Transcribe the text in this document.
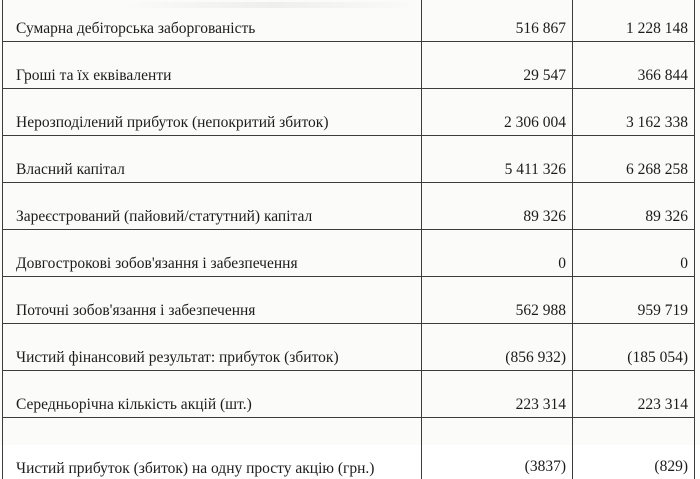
Сумарна дебіторська заборгованість	516 867	1 228 148
Гроші та їх еквіваленти	29 547	366 844
Нерозподілений прибуток (непокритий збиток)	2 306 004	3 162 338
Власний капітал	5 411 326	6 268 258
Зареєстрований (пайовий/статутний) капітал	89 326	89 326
Довгострокові зобов'язання і забезпечення	0	0
Поточні зобов'язання і забезпечення	562 988	959 719
Чистий фінансовий результат: прибуток (збиток)	(856 932)	(185 054)
Середньорічна кількість акцій (шт.)	223 314	223 314
Чистий прибуток (збиток) на одну просту акцію (грн.)	(3837)	(829)
